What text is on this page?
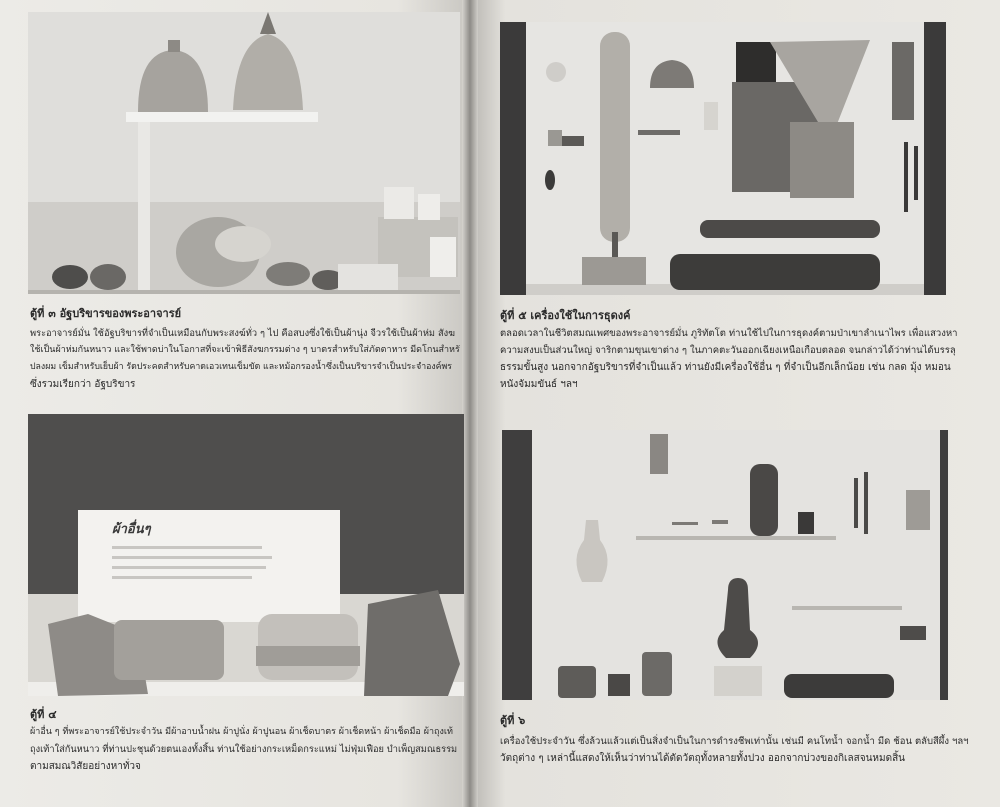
ผ้าอื่นๆ
ตู้ที่ ๓ อัฐบริขารของพระอาจารย์
พระอาจารย์มั่น ใช้อัฐบริขารที่จำเป็นเหมือนกับพระสงฆ์ทั่ว ๆ ไป คือสบงซึ่งใช้เป็นผ้านุ่ง จีวรใช้เป็นผ้าห่ม สังฆ
ใช้เป็นผ้าห่มกันหนาว และใช้พาดบ่าในโอกาสที่จะเข้าพิธีสังฆกรรมต่าง ๆ บาตรสำหรับใส่ภัตตาหาร มีดโกนสำหรั
ปลงผม เข็มสำหรับเย็บผ้า รัดประคดสำหรับคาดเอวเทนเข็มขัด และหม้อกรองน้ำซึ่งเป็นบริขารจำเป็นประจำองค์พร
ซึ่งรวมเรียกว่า อัฐบริขาร
ตู้ที่ ๕ เครื่องใช้ในการธุดงค์
ตลอดเวลาในชีวิตสมณเพศของพระอาจารย์มั่น ภูริทัตโต ท่านใช้ไปในการธุดงค์ตามป่าเขาลำเนาไพร เพื่อแสวงหา
ความสงบเป็นส่วนใหญ่ จาริกตามขุนเขาต่าง ๆ ในภาคตะวันออกเฉียงเหนือเกือบตลอด จนกล่าวได้ว่าท่านได้บรรลุ
ธรรมขั้นสูง นอกจากอัฐบริขารที่จำเป็นแล้ว ท่านยังมีเครื่องใช้อื่น ๆ ที่จำเป็นอีกเล็กน้อย เช่น กลด มุ้ง หมอน
หนังจัมมขันธ์ ฯลฯ
ตู้ที่ ๔
ผ้าอื่น ๆ ที่พระอาจารย์ใช้ประจำวัน มีผ้าอาบน้ำฝน ผ้าปูนั่ง ผ้าปูนอน ผ้าเช็ดบาตร ผ้าเช็ดหน้า ผ้าเช็ดมือ ผ้าถุงเท้
ถุงเท้าใส่กันหนาว ที่ท่านปะชุนด้วยตนเองทั้งสิ้น ท่านใช้อย่างกระเหม็ดกระแหม่ ไม่ฟุ่มเฟือย บำเพ็ญสมณธรรม
ตามสมณวิสัยอย่างหาทั่วจ
ตู้ที่ ๖
เครื่องใช้ประจำวัน ซึ่งล้วนแล้วแต่เป็นสิ่งจำเป็นในการดำรงชีพเท่านั้น เช่นมี คนโทน้ำ จอกน้ำ มีด ช้อน ตลับสีผึ้ง ฯลฯ
วัตถุต่าง ๆ เหล่านี้แสดงให้เห็นว่าท่านได้ตัดวัตถุทั้งหลายทั้งปวง ออกจากบ่วงของกิเลสจนหมดสิ้น
